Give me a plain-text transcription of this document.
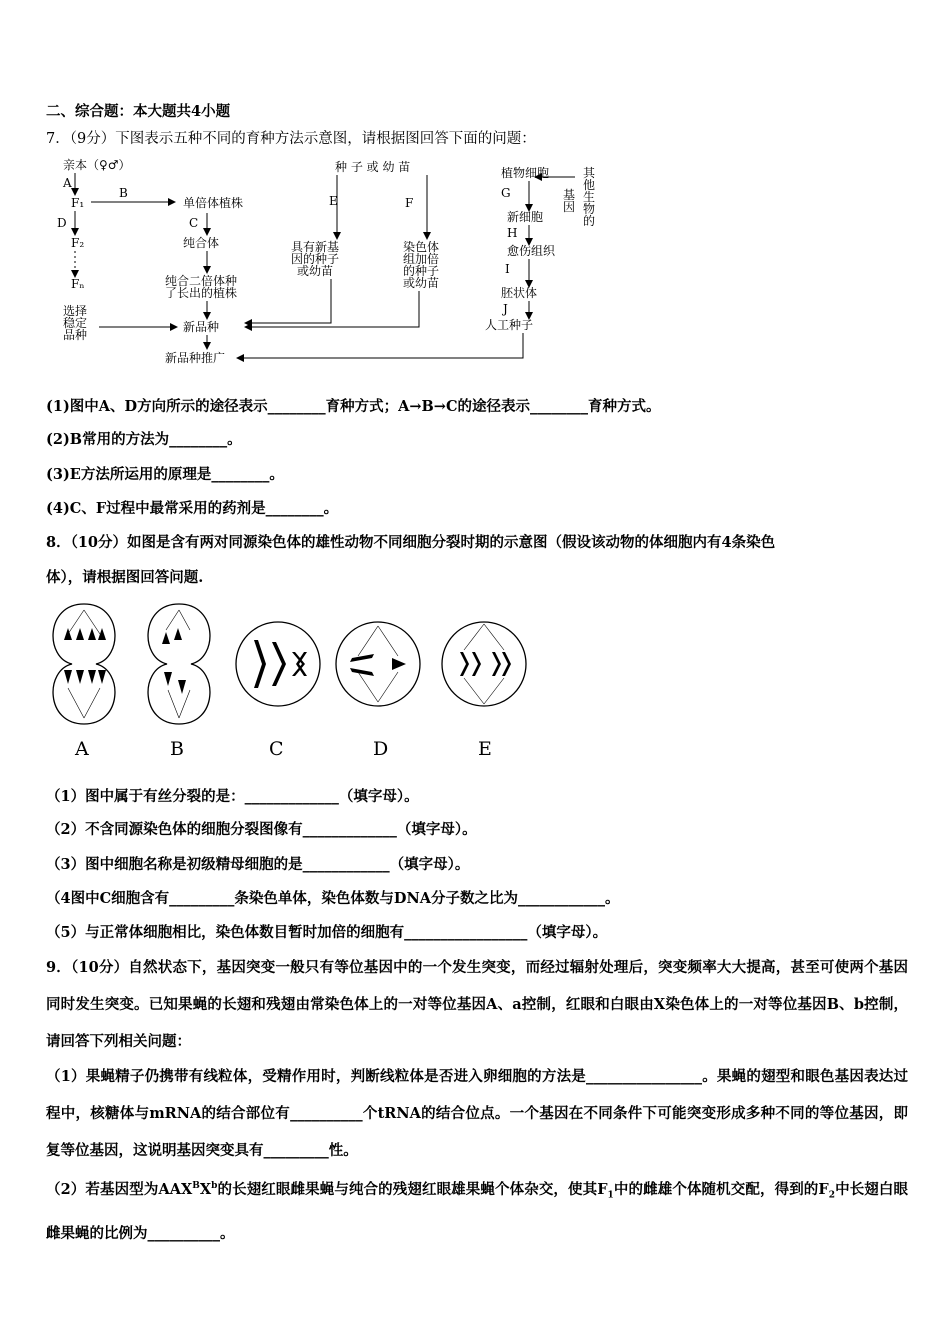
二、综合题：本大题共4小题
7．（9分）下图表示五种不同的育种方法示意图，请根据图回答下面的问题：
亲本（♀♂）
F₁
F₂
Fₙ
A
D
B
C
选择
稳定
品种
单倍体植株
纯合体
纯合二倍体种
了长出的植株
新品种
新品种推广
种 子 或 幼 苗
E	F
具有新基
因的种子
或幼苗
染色体
组加倍
的种子
或幼苗
植物细胞
G
新细胞
H
愈伤组织
I
胚状体
J
人工种子
其
他
生
物
的
基
因
(1)图中A、D方向所示的途径表示________育种方式；A→B→C的途径表示________育种方式。
(2)B常用的方法为________。
(3)E方法所运用的原理是________。
(4)C、F过程中最常采用的药剂是________。
8．（10分）如图是含有两对同源染色体的雄性动物不同细胞分裂时期的示意图（假设该动物的体细胞内有4条染色
体），请根据图回答问题.
A	B	C	D	E
（1）图中属于有丝分裂的是：_____________（填字母）。
（2）不含同源染色体的细胞分裂图像有_____________（填字母）。
（3）图中细胞名称是初级精母细胞的是____________（填字母）。
（4图中C细胞含有_________条染色单体，染色体数与DNA分子数之比为____________。
（5）与正常体细胞相比，染色体数目暂时加倍的细胞有_________________（填字母）。
9．（10分）自然状态下，基因突变一般只有等位基因中的一个发生突变，而经过辐射处理后，突变频率大大提高，甚至可使两个基因同时发生突变。已知果蝇的长翅和残翅由常染色体上的一对等位基因A、a控制，红眼和白眼由X染色体上的一对等位基因B、b控制，请回答下列相关问题：
（1）果蝇精子仍携带有线粒体，受精作用时，判断线粒体是否进入卵细胞的方法是________________。果蝇的翅型和眼色基因表达过程中，核糖体与mRNA的结合部位有__________个tRNA的结合位点。一个基因在不同条件下可能突变形成多种不同的等位基因，即复等位基因，这说明基因突变具有_________性。
（2）若基因型为$AAX^BX^b$的长翅红眼雌果蝇与纯合的残翅红眼雄果蝇个体杂交，使其$F_1$中的雌雄个体随机交配，得到的$F_2$中长翅白眼雌果蝇的比例为__________。
